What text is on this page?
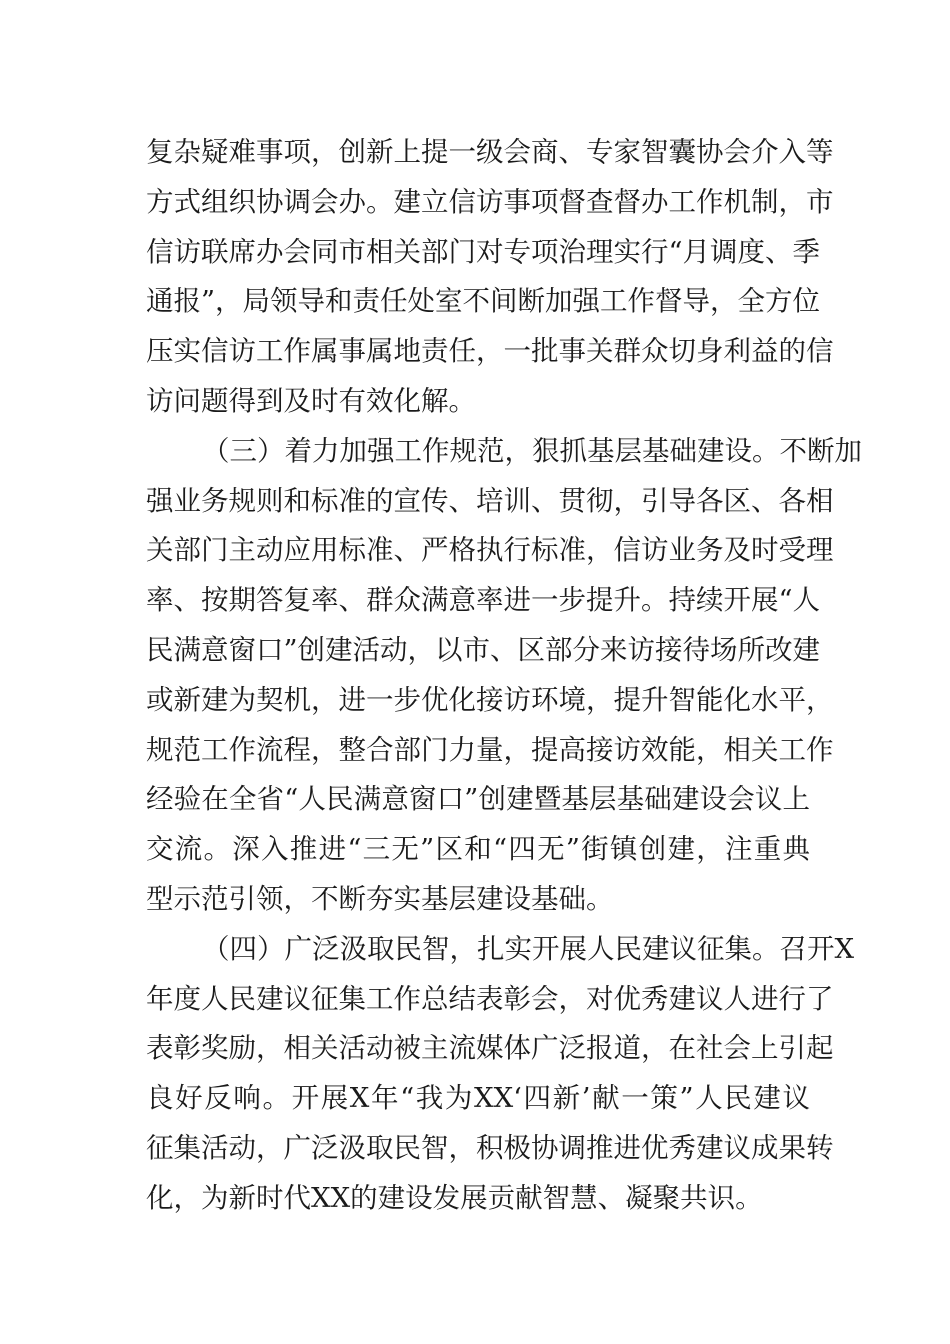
复杂疑难事项，创新上提一级会商、专家智囊协会介入等
方式组织协调会办。建立信访事项督查督办工作机制，市
信访联席办会同市相关部门对专项治理实行“月调度、季
通报”，局领导和责任处室不间断加强工作督导，全方位
压实信访工作属事属地责任，一批事关群众切身利益的信
访问题得到及时有效化解。
（三）着力加强工作规范，狠抓基层基础建设。不断加
强业务规则和标准的宣传、培训、贯彻，引导各区、各相
关部门主动应用标准、严格执行标准，信访业务及时受理
率、按期答复率、群众满意率进一步提升。持续开展“人
民满意窗口”创建活动，以市、区部分来访接待场所改建
或新建为契机，进一步优化接访环境，提升智能化水平，
规范工作流程，整合部门力量，提高接访效能，相关工作
经验在全省“人民满意窗口”创建暨基层基础建设会议上
交流。深入推进“三无”区和“四无”街镇创建，注重典
型示范引领，不断夯实基层建设基础。
（四）广泛汲取民智，扎实开展人民建议征集。召开X
年度人民建议征集工作总结表彰会，对优秀建议人进行了
表彰奖励，相关活动被主流媒体广泛报道，在社会上引起
良好反响。开展X年“我为XX‘四新’献一策”人民建议
征集活动，广泛汲取民智，积极协调推进优秀建议成果转
化，为新时代XX的建设发展贡献智慧、凝聚共识。
